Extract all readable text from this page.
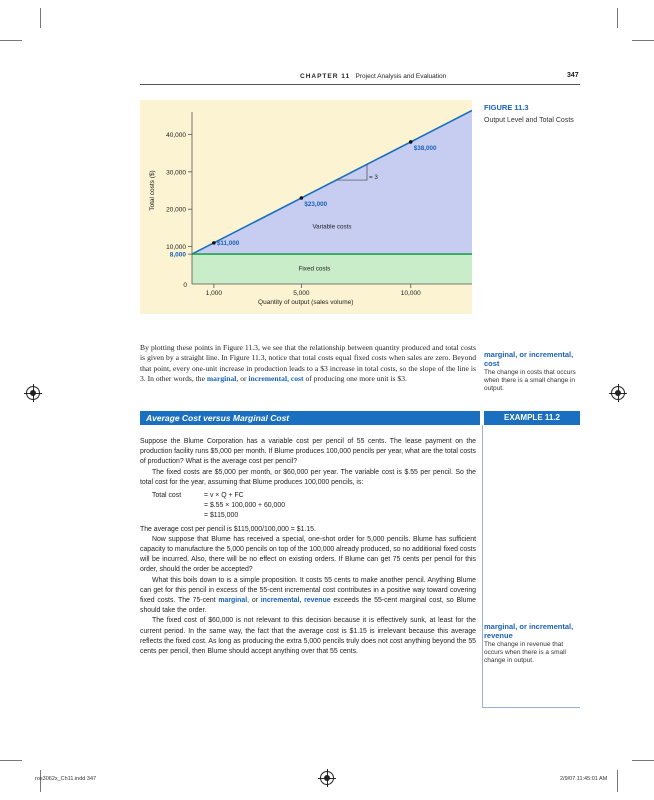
CHAPTER 11 Project Analysis and Evaluation	347
1,000	5,000	10,000
10,000
8,000
20,000
30,000
40,000
$11,000
$23,000
$38,000
= 3
Variable costs
Fixed costs
0
Quantity of output (sales volume)
Total costs ($)
FIGURE 11.3
Output Level and Total Costs

By plotting these points in Figure 11.3, we see that the relationship between quantity produced and total costs is given by a straight line. In Figure 11.3, notice that total costs equal fixed costs when sales are zero. Beyond that point, every one-unit increase in production leads to a $3 increase in total costs, so the slope of the line is 3. In other words, the marginal, or incremental, cost of producing one more unit is $3.

marginal, or incremental, cost
The change in costs that occurs when there is a small change in output.
marginal, or incremental, revenue
The change in revenue that occurs when there is a small change in output.
Average Cost versus Marginal Cost	EXAMPLE 11.2

Suppose the Blume Corporation has a variable cost per pencil of 55 cents. The lease payment on the production facility runs $5,000 per month. If Blume produces 100,000 pencils per year, what are the total costs of production? What is the average cost per pencil?

The fixed costs are $5,000 per month, or $60,000 per year. The variable cost is $.55 per pencil. So the total cost for the year, assuming that Blume produces 100,000 pencils, is:

Total cost	= v × Q + FC
= $.55 × 100,000 + 60,000
= $115,000

The average cost per pencil is $115,000/100,000 = $1.15.

Now suppose that Blume has received a special, one-shot order for 5,000 pencils. Blume has sufficient capacity to manufacture the 5,000 pencils on top of the 100,000 already produced, so no additional fixed costs will be incurred. Also, there will be no effect on existing orders. If Blume can get 75 cents per pencil for this order, should the order be accepted?

What this boils down to is a simple proposition. It costs 55 cents to make another pencil. Anything Blume can get for this pencil in excess of the 55-cent incremental cost contributes in a positive way toward covering fixed costs. The 75-cent marginal, or incremental, revenue exceeds the 55-cent marginal cost, so Blume should take the order.

The fixed cost of $60,000 is not relevant to this decision because it is effectively sunk, at least for the current period. In the same way, the fact that the average cost is $1.15 is irrelevant because this average reflects the fixed cost. As long as producing the extra 5,000 pencils truly does not cost anything beyond the 55 cents per pencil, then Blume should accept anything over that 55 cents.

ros3062x_Ch11.indd 347	2/9/07 11:45:01 AM
